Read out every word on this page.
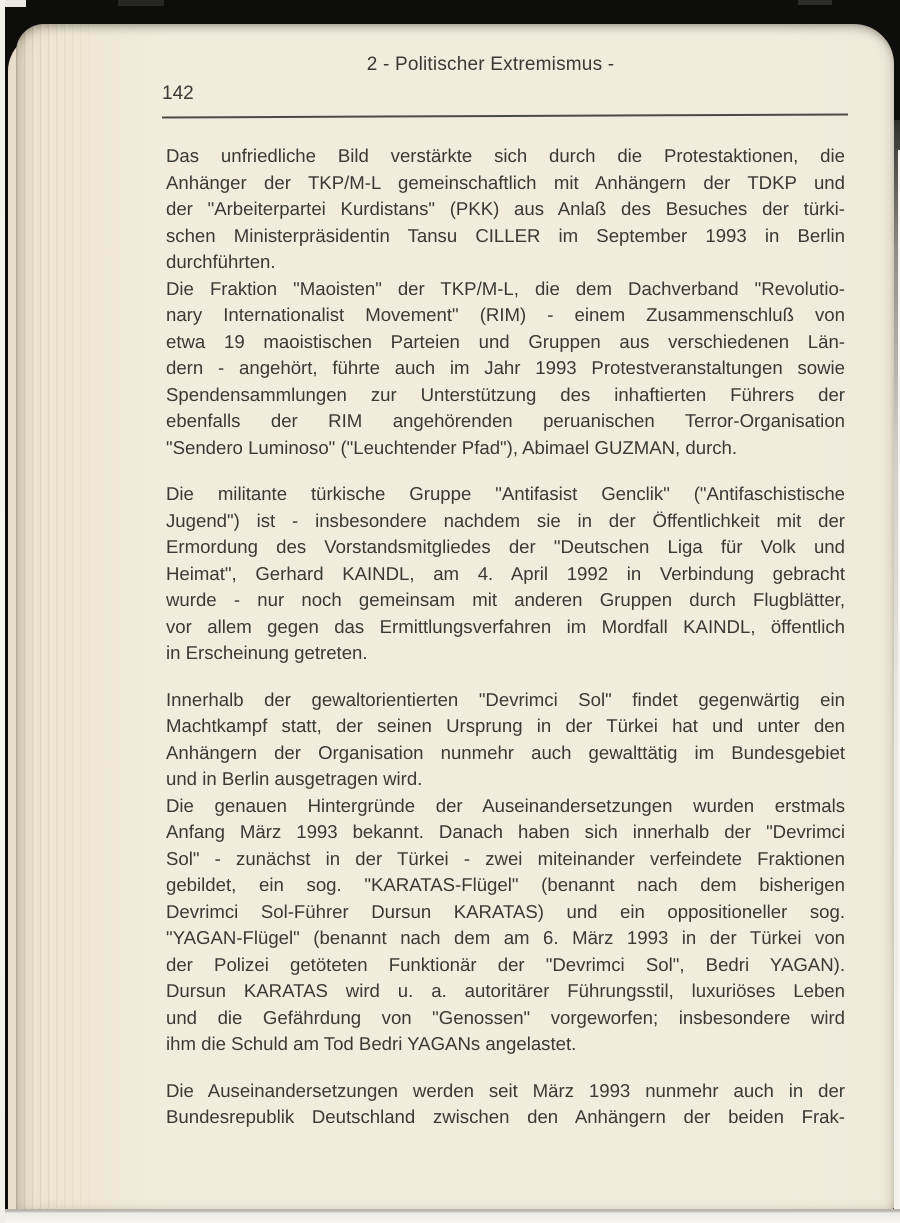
2 - Politischer Extremismus -
142
Das unfriedliche Bild verstärkte sich durch die Protestaktionen, die
Anhänger der TKP/M-L gemeinschaftlich mit Anhängern der TDKP und
der "Arbeiterpartei Kurdistans" (PKK) aus Anlaß des Besuches der türki-
schen Ministerpräsidentin Tansu CILLER im September 1993 in Berlin
durchführten.
Die Fraktion "Maoisten" der TKP/M-L, die dem Dachverband "Revolutio-
nary Internationalist Movement" (RIM) - einem Zusammenschluß von
etwa 19 maoistischen Parteien und Gruppen aus verschiedenen Län-
dern - angehört, führte auch im Jahr 1993 Protestveranstaltungen sowie
Spendensammlungen zur Unterstützung des inhaftierten Führers der
ebenfalls der RIM angehörenden peruanischen Terror-Organisation
"Sendero Luminoso" ("Leuchtender Pfad"), Abimael GUZMAN, durch.
Die militante türkische Gruppe "Antifasist Genclik" ("Antifaschistische
Jugend") ist - insbesondere nachdem sie in der Öffentlichkeit mit der
Ermordung des Vorstandsmitgliedes der "Deutschen Liga für Volk und
Heimat", Gerhard KAINDL, am 4. April 1992 in Verbindung gebracht
wurde - nur noch gemeinsam mit anderen Gruppen durch Flugblätter,
vor allem gegen das Ermittlungsverfahren im Mordfall KAINDL, öffentlich
in Erscheinung getreten.
Innerhalb der gewaltorientierten "Devrimci Sol" findet gegenwärtig ein
Machtkampf statt, der seinen Ursprung in der Türkei hat und unter den
Anhängern der Organisation nunmehr auch gewalttätig im Bundesgebiet
und in Berlin ausgetragen wird.
Die genauen Hintergründe der Auseinandersetzungen wurden erstmals
Anfang März 1993 bekannt. Danach haben sich innerhalb der "Devrimci
Sol" - zunächst in der Türkei - zwei miteinander verfeindete Fraktionen
gebildet, ein sog. "KARATAS-Flügel" (benannt nach dem bisherigen
Devrimci Sol-Führer Dursun KARATAS) und ein oppositioneller sog.
"YAGAN-Flügel" (benannt nach dem am 6. März 1993 in der Türkei von
der Polizei getöteten Funktionär der "Devrimci Sol", Bedri YAGAN).
Dursun KARATAS wird u. a. autoritärer Führungsstil, luxuriöses Leben
und die Gefährdung von "Genossen" vorgeworfen; insbesondere wird
ihm die Schuld am Tod Bedri YAGANs angelastet.
Die Auseinandersetzungen werden seit März 1993 nunmehr auch in der
Bundesrepublik Deutschland zwischen den Anhängern der beiden Frak-
